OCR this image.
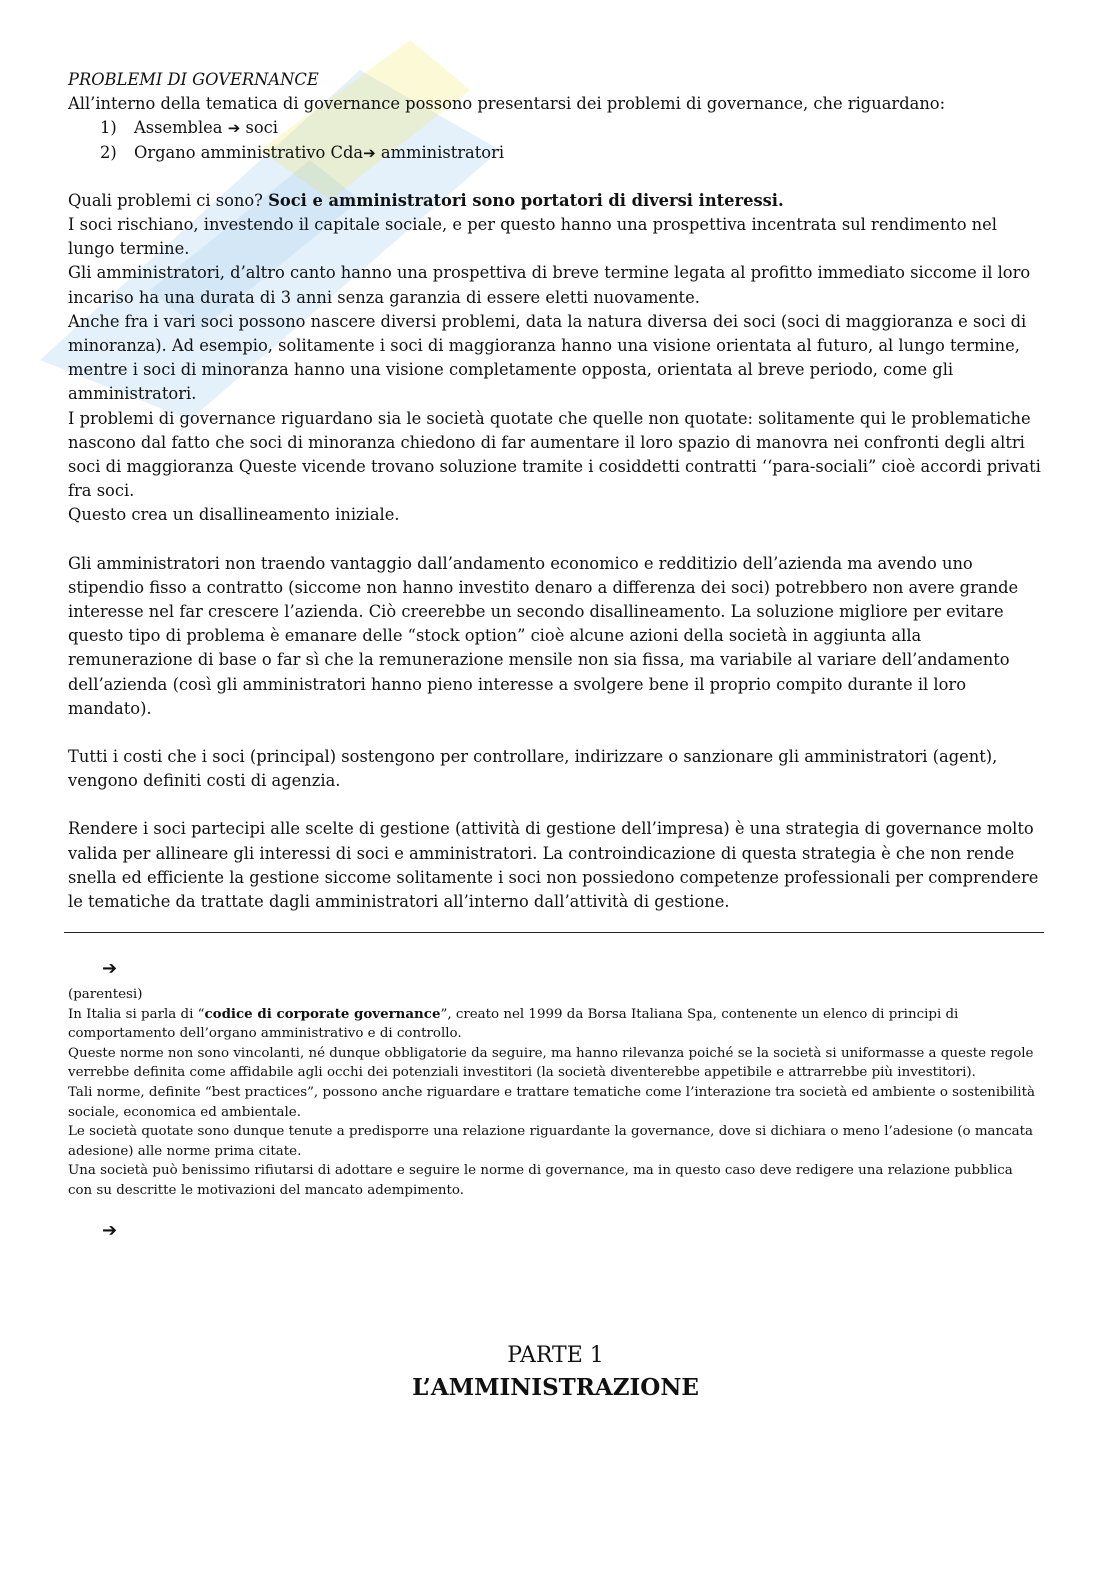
PROBLEMI DI GOVERNANCE

All’interno della tematica di governance possono presentarsi dei problemi di governance, che riguardano:

1) Assemblea ➔ soci
2) Organo amministrativo Cda➔ amministratori

Quali problemi ci sono? Soci e amministratori sono portatori di diversi interessi.

I soci rischiano, investendo il capitale sociale, e per questo hanno una prospettiva incentrata sul rendimento nel lungo termine.

Gli amministratori, d’altro canto hanno una prospettiva di breve termine legata al profitto immediato siccome il loro incariso ha una durata di 3 anni senza garanzia di essere eletti nuovamente.

Anche fra i vari soci possono nascere diversi problemi, data la natura diversa dei soci (soci di maggioranza e soci di minoranza). Ad esempio, solitamente i soci di maggioranza hanno una visione orientata al futuro, al lungo termine, mentre i soci di minoranza hanno una visione completamente opposta, orientata al breve periodo, come gli amministratori.

I problemi di governance riguardano sia le società quotate che quelle non quotate: solitamente qui le problematiche nascono dal fatto che soci di minoranza chiedono di far aumentare il loro spazio di manovra nei confronti degli altri soci di maggioranza Queste vicende trovano soluzione tramite i cosiddetti contratti ‘‘para-sociali” cioè accordi privati fra soci.

Questo crea un disallineamento iniziale.

Gli amministratori non traendo vantaggio dall’andamento economico e redditizio dell’azienda ma avendo uno stipendio fisso a contratto (siccome non hanno investito denaro a differenza dei soci) potrebbero non avere grande interesse nel far crescere l’azienda. Ciò creerebbe un secondo disallineamento. La soluzione migliore per evitare questo tipo di problema è emanare delle “stock option” cioè alcune azioni della società in aggiunta alla remunerazione di base o far sì che la remunerazione mensile non sia fissa, ma variabile al variare dell’andamento dell’azienda (così gli amministratori hanno pieno interesse a svolgere bene il proprio compito durante il loro mandato).

Tutti i costi che i soci (principal) sostengono per controllare, indirizzare o sanzionare gli amministratori (agent), vengono definiti costi di agenzia.

Rendere i soci partecipi alle scelte di gestione (attività di gestione dell’impresa) è una strategia di governance molto valida per allineare gli interessi di soci e amministratori. La controindicazione di questa strategia è che non rende snella ed efficiente la gestione siccome solitamente i soci non possiedono competenze professionali per comprendere le tematiche da trattate dagli amministratori all’interno dall’attività di gestione.

➔

(parentesi)

In Italia si parla di “codice di corporate governance”, creato nel 1999 da Borsa Italiana Spa, contenente un elenco di principi di comportamento dell’organo amministrativo e di controllo.

Queste norme non sono vincolanti, né dunque obbligatorie da seguire, ma hanno rilevanza poiché se la società si uniformasse a queste regole verrebbe definita come affidabile agli occhi dei potenziali investitori (la società diventerebbe appetibile e attrarrebbe più investitori).

Tali norme, definite “best practices”, possono anche riguardare e trattare tematiche come l’interazione tra società ed ambiente o sostenibilità sociale, economica ed ambientale.

Le società quotate sono dunque tenute a predisporre una relazione riguardante la governance, dove si dichiara o meno l’adesione (o mancata adesione) alle norme prima citate.

Una società può benissimo rifiutarsi di adottare e seguire le norme di governance, ma in questo caso deve redigere una relazione pubblica con su descritte le motivazioni del mancato adempimento.

➔
PARTE 1
L’AMMINISTRAZIONE
